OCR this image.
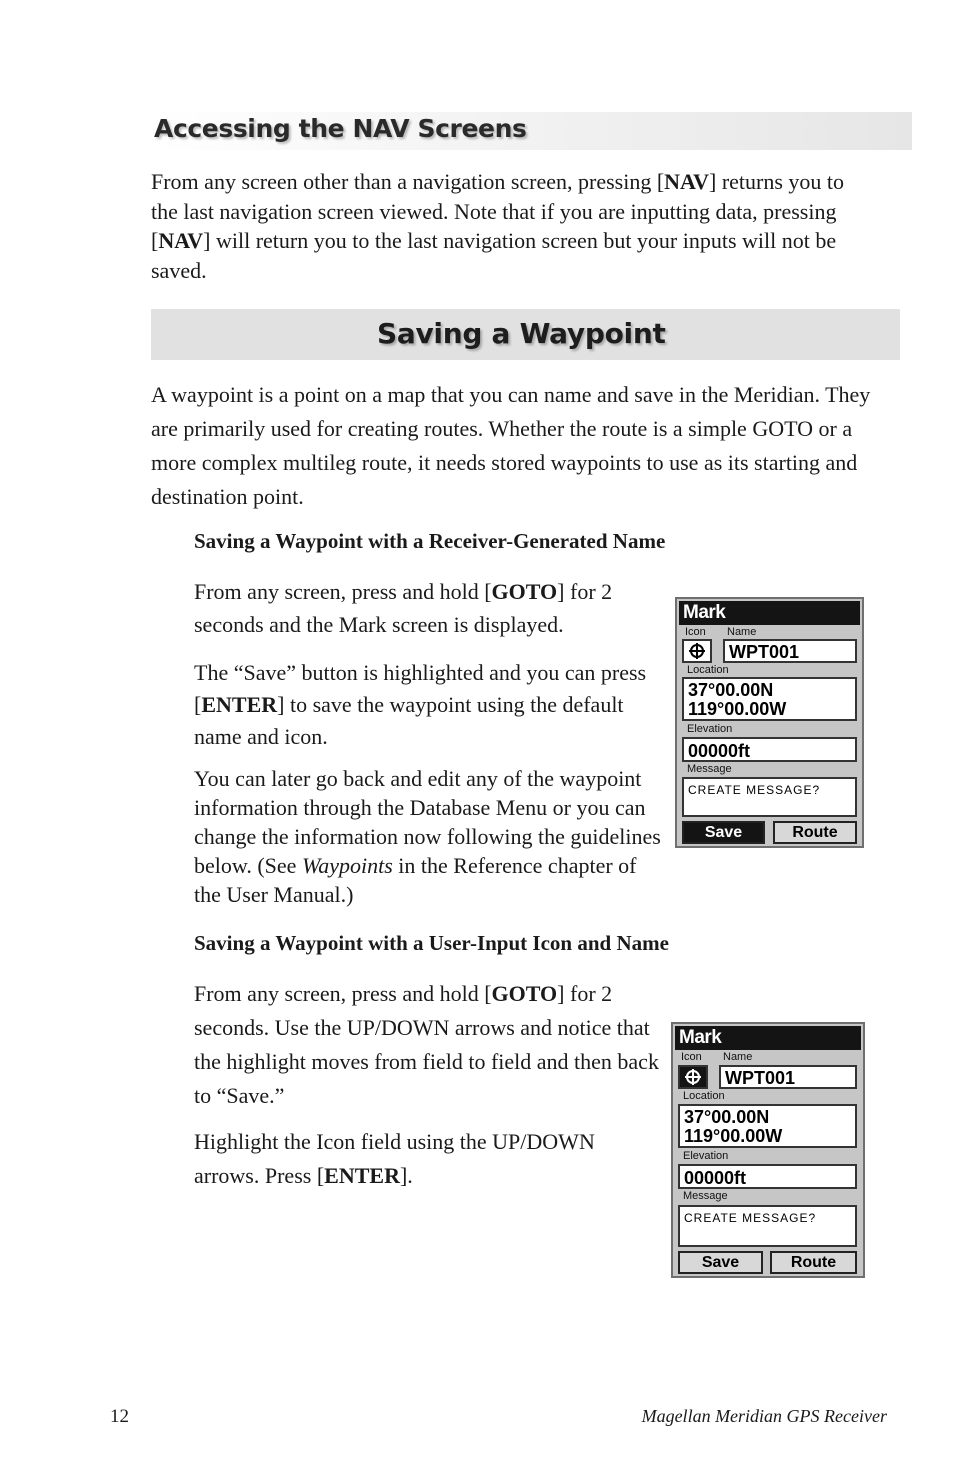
Accessing the NAV Screens
From any screen other than a navigation screen, pressing [NAV] returns you to the last navigation screen viewed. Note that if you are inputting data, pressing [NAV] will return you to the last navigation screen but your inputs will not be saved.
Saving a Waypoint
A waypoint is a point on a map that you can name and save in the Meridian. They are primarily used for creating routes. Whether the route is a simple GOTO or a more complex multileg route, it needs stored waypoints to use as its starting and destination point.
Saving a Waypoint with a Receiver-Generated Name
From any screen, press and hold [GOTO] for 2 seconds and the Mark screen is displayed.
The “Save” button is highlighted and you can press [ENTER] to save the waypoint using the default name and icon.
You can later go back and edit any of the waypoint information through the Database Menu or you can change the information now following the guidelines below. (See Waypoints in the Reference chapter of the User Manual.)
Saving a Waypoint with a User-Input Icon and Name
From any screen, press and hold [GOTO] for 2 seconds. Use the UP/DOWN arrows and notice that the highlight moves from field to field and then back to “Save.”
Highlight the Icon field using the UP/DOWN arrows. Press [ENTER].
Mark
Icon Name
WPT001
Location
37°00.00N
119°00.00W
Elevation
00000ft
Message
CREATE MESSAGE?
Save	Route
Mark
Icon Name
WPT001
Location
37°00.00N
119°00.00W
Elevation
00000ft
Message
CREATE MESSAGE?
Save	Route
12	Magellan Meridian GPS Receiver
